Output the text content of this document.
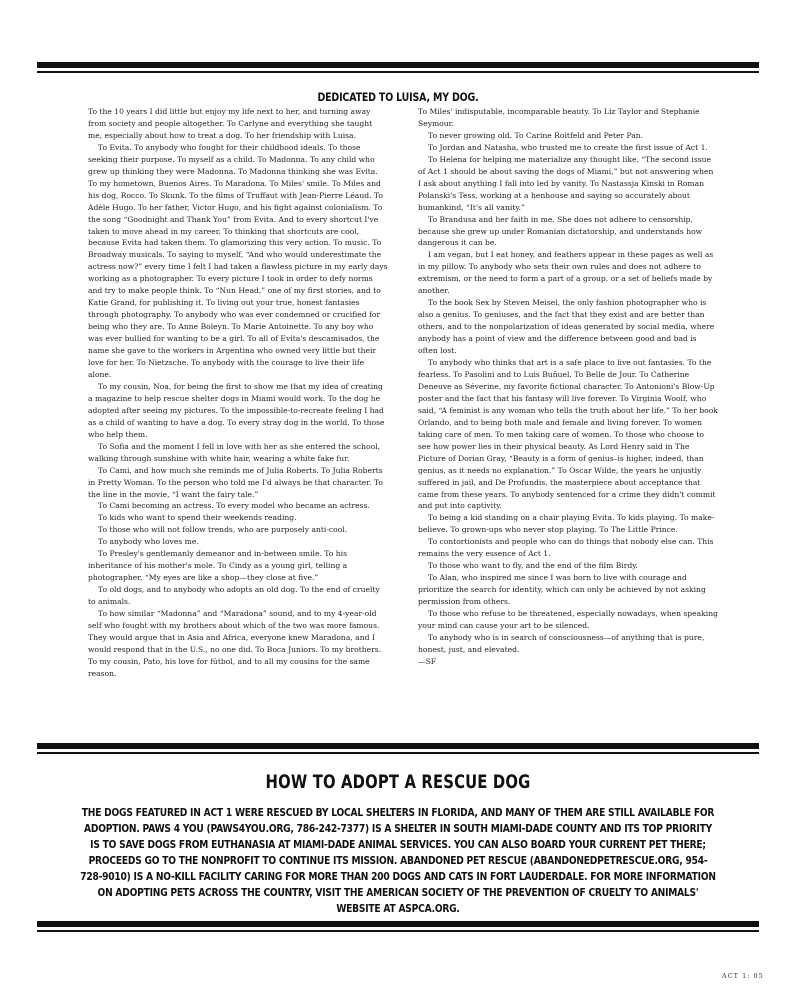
DEDICATED TO LUISA, MY DOG.

To the 10 years I did little but enjoy my life next to her, and turning away from society and people altogether. To Carlyne and everything she taught me, especially about how to treat a dog. To her friendship with Luisa.

To Evita. To anybody who fought for their childhood ideals. To those seeking their purpose. To myself as a child. To Madonna. To any child who grew up thinking they were Madonna. To Madonna thinking she was Evita. To my hometown, Buenos Aires. To Maradona. To Miles' smile. To Miles and his dog, Rocco. To Skunk. To the films of Truffaut with Jean-Pierre Léaud. To Adèle Hugo. To her father, Victor Hugo, and his fight against colonialism. To the song “Goodnight and Thank You” from Evita. And to every shortcut I've taken to move ahead in my career. To thinking that shortcuts are cool, because Evita had taken them. To glamorizing this very action. To music. To Broadway musicals. To saying to myself, “And who would underestimate the actress now?” every time I felt I had taken a flawless picture in my early days working as a photographer. To every picture I took in order to defy norms and try to make people think. To “Nun Head,” one of my first stories, and to Katie Grand, for publishing it. To living out your true, honest fantasies through photography. To anybody who was ever condemned or crucified for being who they are. To Anne Boleyn. To Marie Antoinette. To any boy who was ever bullied for wanting to be a girl. To all of Evita's descamisados, the name she gave to the workers in Argentina who owned very little but their love for her. To Nietzsche. To anybody with the courage to live their life alone.

To my cousin, Noa, for being the first to show me that my idea of creating a magazine to help rescue shelter dogs in Miami would work. To the dog he adopted after seeing my pictures. To the impossible-to-recreate feeling I had as a child of wanting to have a dog. To every stray dog in the world. To those who help them.

To Sofia and the moment I fell in love with her as she entered the school, walking through sunshine with white hair, wearing a white fake fur.

To Cami, and how much she reminds me of Julia Roberts. To Julia Roberts in Pretty Woman. To the person who told me I'd always be that character. To the line in the movie, “I want the fairy tale.”

To Cami becoming an actress. To every model who became an actress.

To kids who want to spend their weekends reading.

To those who will not follow trends, who are purposely anti-cool.

To anybody who loves me.

To Presley's gentlemanly demeanor and in-between smile. To his inheritance of his mother's mole. To Cindy as a young girl, telling a photographer, “My eyes are like a shop—they close at five.”

To old dogs, and to anybody who adopts an old dog. To the end of cruelty to animals.

To how similar “Madonna” and “Maradona” sound, and to my 4-year-old self who fought with my brothers about which of the two was more famous. They would argue that in Asia and Africa, everyone knew Maradona, and I would respond that in the U.S., no one did. To Boca Juniors. To my brothers. To my cousin, Pato, his love for fútbol, and to all my cousins for the same reason.

To Miles' indisputable, incomparable beauty. To Liz Taylor and Stephanie Seymour.

To never growing old. To Carine Roitfeld and Peter Pan.

To Jordan and Natasha, who trusted me to create the first issue of Act 1.

To Helena for helping me materialize any thought like, “The second issue of Act 1 should be about saving the dogs of Miami,” but not answering when I ask about anything I fall into led by vanity. To Nastassja Kinski in Roman Polanski's Tess, working at a henhouse and saying so accurately about humankind, “It's all vanity.”

To Brandusa and her faith in me. She does not adhere to censorship, because she grew up under Romanian dictatorship, and understands how dangerous it can be.

I am vegan, but I eat honey, and feathers appear in these pages as well as in my pillow. To anybody who sets their own rules and does not adhere to extremism, or the need to form a part of a group, or a set of beliefs made by another.

To the book Sex by Steven Meisel, the only fashion photographer who is also a genius. To geniuses, and the fact that they exist and are better than others, and to the nonpolarization of ideas generated by social media, where anybody has a point of view and the difference between good and bad is often lost.

To anybody who thinks that art is a safe place to live out fantasies. To the fearless. To Pasolini and to Luis Buñuel. To Belle de Jour. To Catherine Deneuve as Séverine, my favorite fictional character. To Antonioni's Blow-Up poster and the fact that his fantasy will live forever. To Virginia Woolf, who said, “A feminist is any woman who tells the truth about her life.” To her book Orlando, and to being both male and female and living forever. To women taking care of men. To men taking care of women. To those who choose to see how power lies in their physical beauty. As Lord Henry said in The Picture of Dorian Gray, “Beauty is a form of genius–is higher, indeed, than genius, as it needs no explanation.” To Oscar Wilde, the years he unjustly suffered in jail, and De Profundis, the masterpiece about acceptance that came from these years. To anybody sentenced for a crime they didn't commit and put into captivity.

To being a kid standing on a chair playing Evita. To kids playing. To make-believe. To grown-ups who never stop playing. To The Little Prince.

To contortionists and people who can do things that nobody else can. This remains the very essence of Act 1.

To those who want to fly, and the end of the film Birdy.

To Alan, who inspired me since I was born to live with courage and prioritize the search for identity, which can only be achieved by not asking permission from others.

To those who refuse to be threatened, especially nowadays, when speaking your mind can cause your art to be silenced.

To anybody who is in search of consciousness—of anything that is pure, honest, just, and elevated.

—SF

HOW TO ADOPT A RESCUE DOG
THE DOGS FEATURED IN ACT 1 WERE RESCUED BY LOCAL SHELTERS IN FLORIDA, AND MANY OF THEM ARE STILL AVAILABLE FOR ADOPTION. PAWS 4 YOU (PAWS4YOU.ORG, 786-242-7377) IS A SHELTER IN SOUTH MIAMI-DADE COUNTY AND ITS TOP PRIORITY IS TO SAVE DOGS FROM EUTHANASIA AT MIAMI-DADE ANIMAL SERVICES. YOU CAN ALSO BOARD YOUR CURRENT PET THERE; PROCEEDS GO TO THE NONPROFIT TO CONTINUE ITS MISSION. ABANDONED PET RESCUE (ABANDONEDPETRESCUE.ORG, 954-728-9010) IS A NO-KILL FACILITY CARING FOR MORE THAN 200 DOGS AND CATS IN FORT LAUDERDALE. FOR MORE INFORMATION ON ADOPTING PETS ACROSS THE COUNTRY, VISIT THE AMERICAN SOCIETY OF THE PREVENTION OF CRUELTY TO ANIMALS' WEBSITE AT ASPCA.ORG.
ACT 1: 05
